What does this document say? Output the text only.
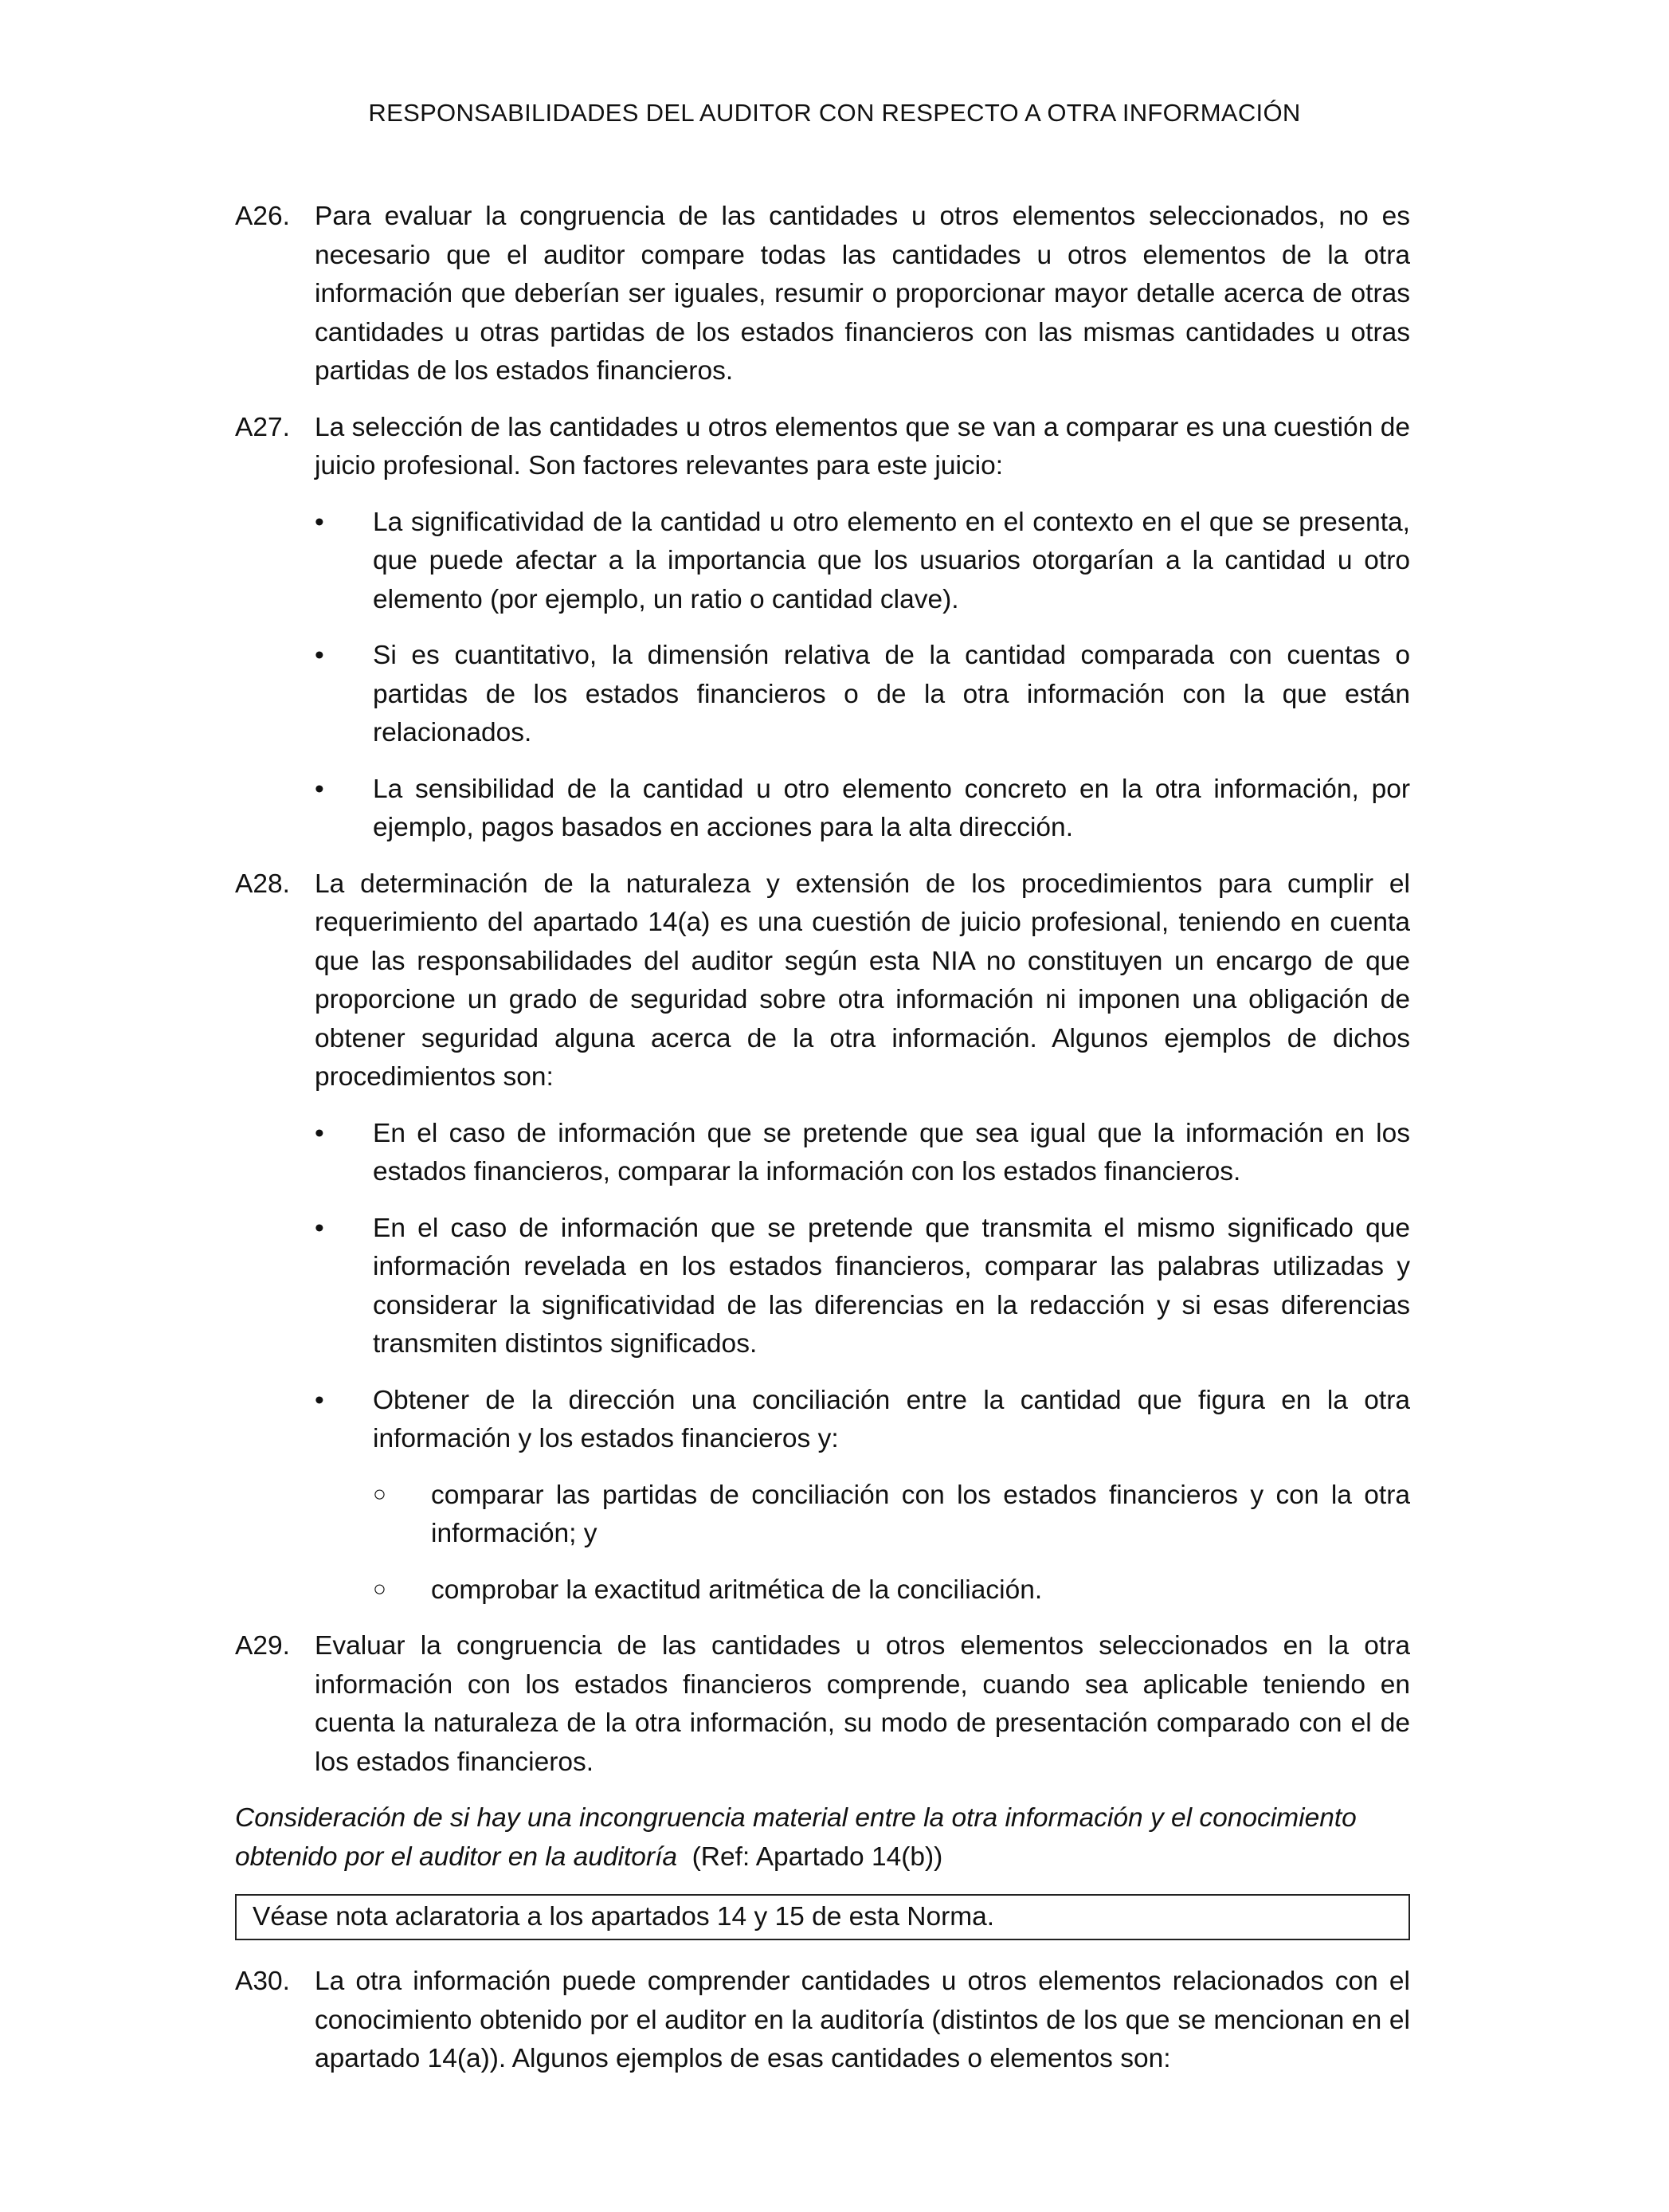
RESPONSABILIDADES DEL AUDITOR CON RESPECTO A OTRA INFORMACIÓN
A26. Para evaluar la congruencia de las cantidades u otros elementos seleccionados, no es necesario que el auditor compare todas las cantidades u otros elementos de la otra información que deberían ser iguales, resumir o proporcionar mayor detalle acerca de otras cantidades u otras partidas de los estados financieros con las mismas cantidades u otras partidas de los estados financieros.
A27. La selección de las cantidades u otros elementos que se van a comparar es una cuestión de juicio profesional. Son factores relevantes para este juicio:
• La significatividad de la cantidad u otro elemento en el contexto en el que se presenta, que puede afectar a la importancia que los usuarios otorgarían a la cantidad u otro elemento (por ejemplo, un ratio o cantidad clave).
• Si es cuantitativo, la dimensión relativa de la cantidad comparada con cuentas o partidas de los estados financieros o de la otra información con la que están relacionados.
• La sensibilidad de la cantidad u otro elemento concreto en la otra información, por ejemplo, pagos basados en acciones para la alta dirección.
A28. La determinación de la naturaleza y extensión de los procedimientos para cumplir el requerimiento del apartado 14(a) es una cuestión de juicio profesional, teniendo en cuenta que las responsabilidades del auditor según esta NIA no constituyen un encargo de que proporcione un grado de seguridad sobre otra información ni imponen una obligación de obtener seguridad alguna acerca de la otra información. Algunos ejemplos de dichos procedimientos son:
• En el caso de información que se pretende que sea igual que la información en los estados financieros, comparar la información con los estados financieros.
• En el caso de información que se pretende que transmita el mismo significado que información revelada en los estados financieros, comparar las palabras utilizadas y considerar la significatividad de las diferencias en la redacción y si esas diferencias transmiten distintos significados.
• Obtener de la dirección una conciliación entre la cantidad que figura en la otra información y los estados financieros y:
○ comparar las partidas de conciliación con los estados financieros y con la otra información; y
○ comprobar la exactitud aritmética de la conciliación.
A29. Evaluar la congruencia de las cantidades u otros elementos seleccionados en la otra información con los estados financieros comprende, cuando sea aplicable teniendo en cuenta la naturaleza de la otra información, su modo de presentación comparado con el de los estados financieros.
Consideración de si hay una incongruencia material entre la otra información y el conocimiento obtenido por el auditor en la auditoría (Ref: Apartado 14(b))
Véase nota aclaratoria a los apartados 14 y 15 de esta Norma.
A30. La otra información puede comprender cantidades u otros elementos relacionados con el conocimiento obtenido por el auditor en la auditoría (distintos de los que se mencionan en el apartado 14(a)). Algunos ejemplos de esas cantidades o elementos son:
